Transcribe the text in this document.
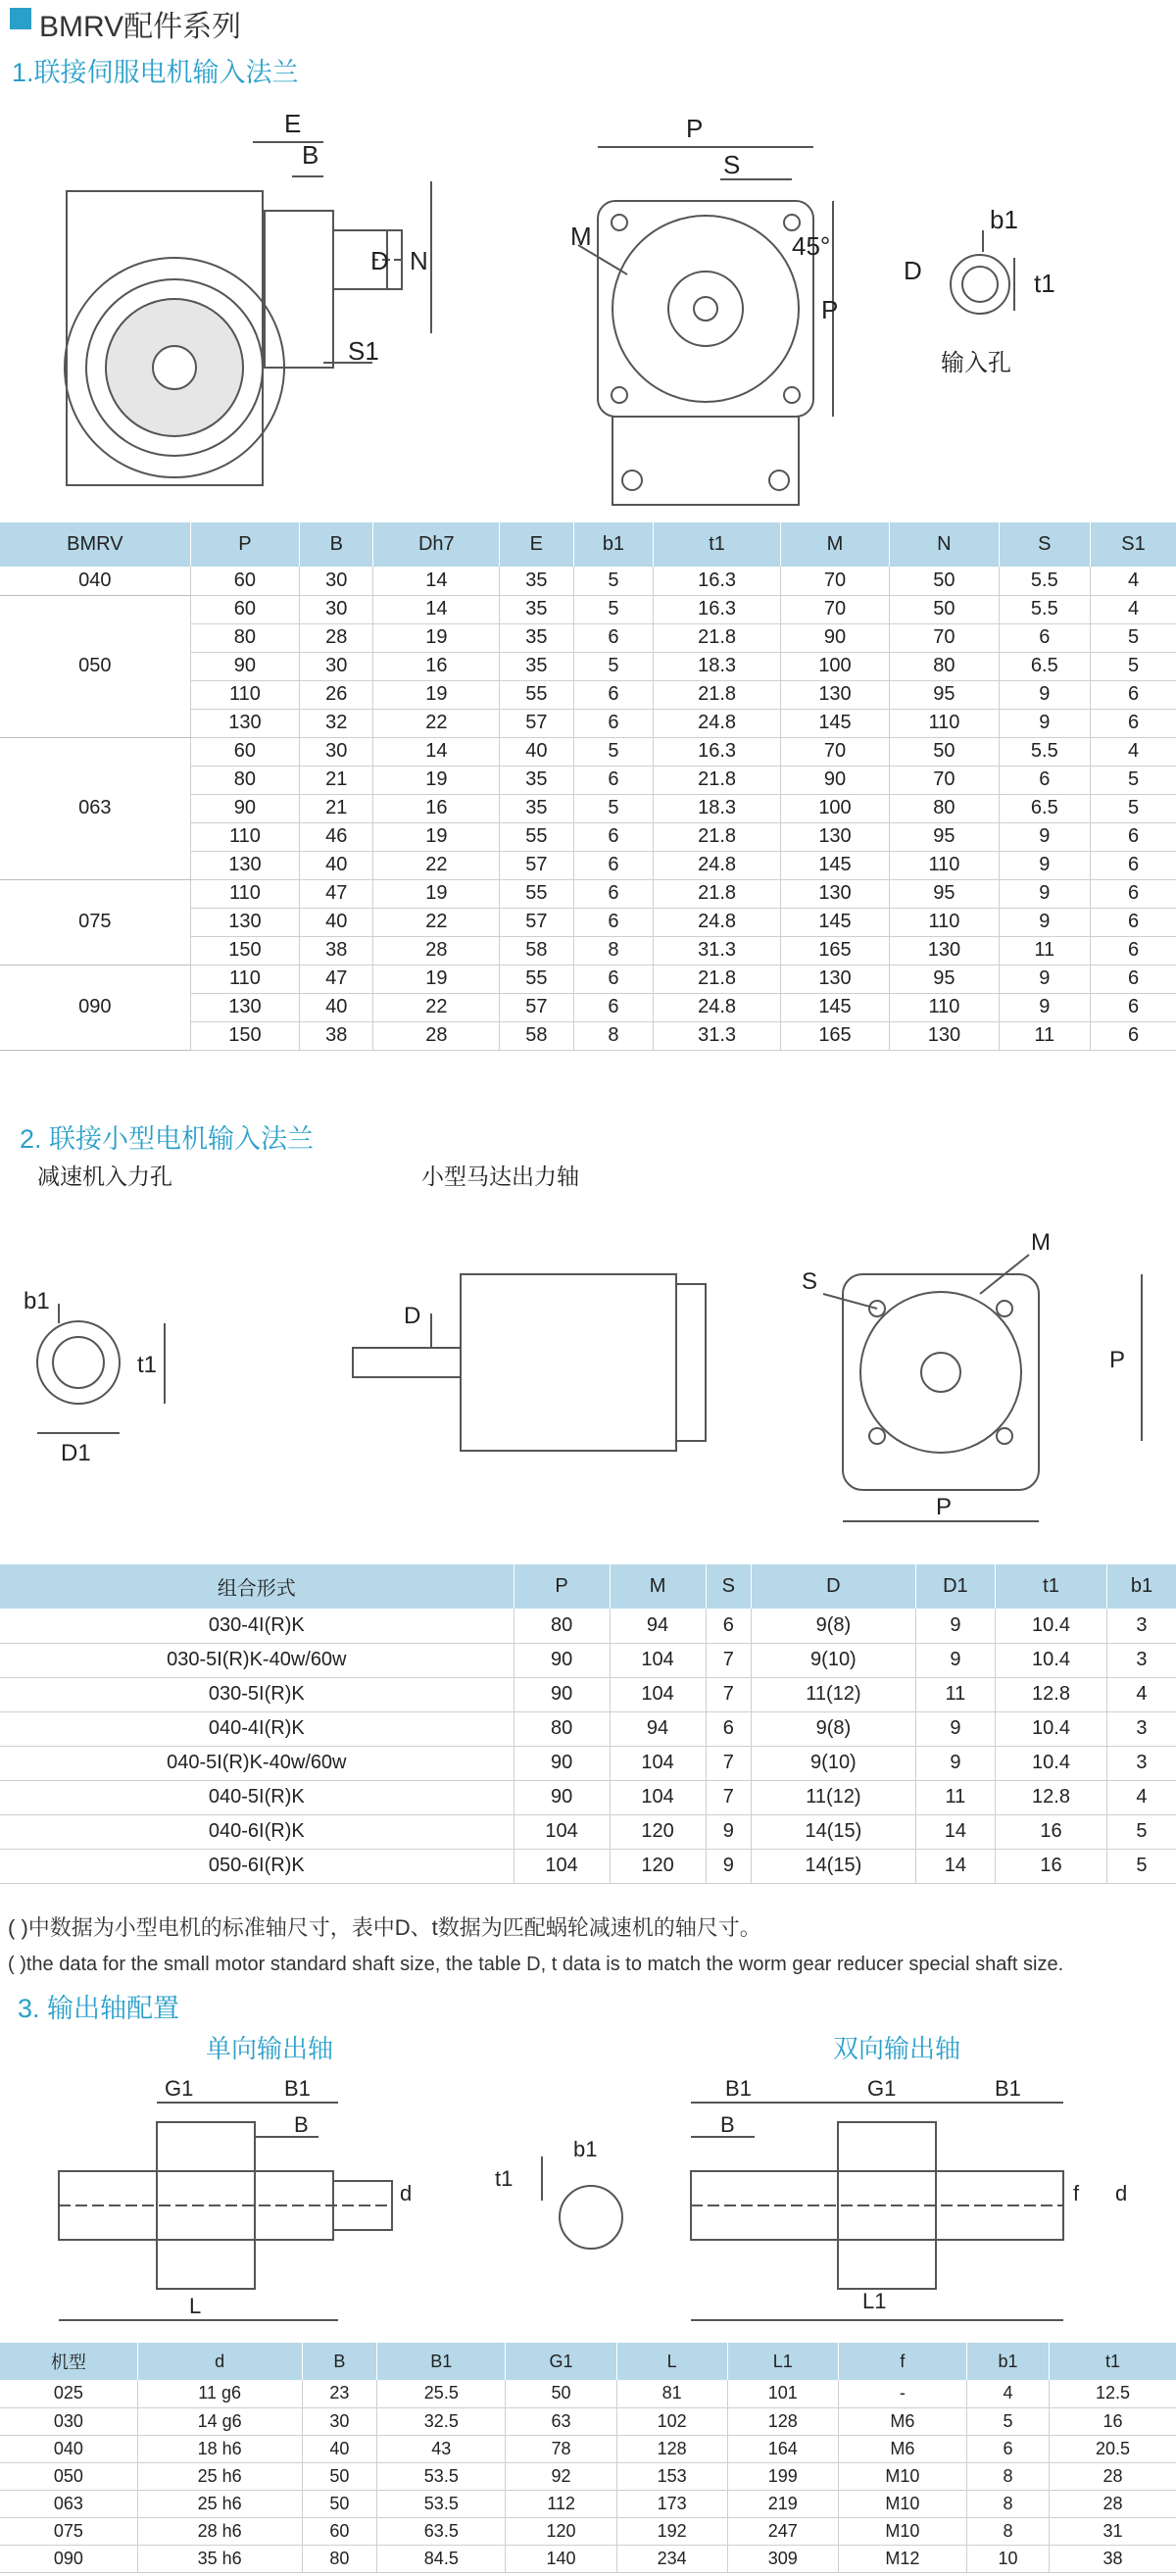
BMRV配件系列
1.联接伺服电机输入法兰
E
B
D N
S1
P
S
M	45°
P
b1
D	t1
输入孔
BMRV	P	B	Dh7	E	b1	t1	M	N	S	S1
040	60	30	14	35	5	16.3	70	50	5.5	4
050	60	30	14	35	5	16.3	70	50	5.5	4
	80	28	19	35	6	21.8	90	70	6	5
	90	30	16	35	5	18.3	100	80	6.5	5
	110	26	19	55	6	21.8	130	95	9	6
	130	32	22	57	6	24.8	145	110	9	6
063	60	30	14	40	5	16.3	70	50	5.5	4
	80	21	19	35	6	21.8	90	70	6	5
	90	21	16	35	5	18.3	100	80	6.5	5
	110	46	19	55	6	21.8	130	95	9	6
	130	40	22	57	6	24.8	145	110	9	6
075	110	47	19	55	6	21.8	130	95	9	6
	130	40	22	57	6	24.8	145	110	9	6
	150	38	28	58	8	31.3	165	130	11	6
090	110	47	19	55	6	21.8	130	95	9	6
	130	40	22	57	6	24.8	145	110	9	6
	150	38	28	58	8	31.3	165	130	11	6
2. 联接小型电机输入法兰
减速机入力孔	小型马达出力轴
b1
t1
D1
D
S
M
P
P
组合形式	P	M	S	D	D1	t1	b1
030-4I(R)K	80	94	6	9(8)	9	10.4	3
030-5I(R)K-40w/60w	90	104	7	9(10)	9	10.4	3
030-5I(R)K	90	104	7	11(12)	11	12.8	4
040-4I(R)K	80	94	6	9(8)	9	10.4	3
040-5I(R)K-40w/60w	90	104	7	9(10)	9	10.4	3
040-5I(R)K	90	104	7	11(12)	11	12.8	4
040-6I(R)K	104	120	9	14(15)	14	16	5
050-6I(R)K	104	120	9	14(15)	14	16	5
( )中数据为小型电机的标准轴尺寸，表中D、t数据为匹配蜗轮减速机的轴尺寸。
( )the data for the small motor standard shaft size, the table D, t data is to match the worm gear reducer special shaft size.
3. 输出轴配置
单向输出轴	双向输出轴
G1	B1
B
d
L
b1
t1
B1	G1	B1
B
f d
L1
机型	d	B	B1	G1	L	L1	f	b1	t1
025	11 g6	23	25.5	50	81	101	-	4	12.5
030	14 g6	30	32.5	63	102	128	M6	5	16
040	18 h6	40	43	78	128	164	M6	6	20.5
050	25 h6	50	53.5	92	153	199	M10	8	28
063	25 h6	50	53.5	112	173	219	M10	8	28
075	28 h6	60	63.5	120	192	247	M10	8	31
090	35 h6	80	84.5	140	234	309	M12	10	38
